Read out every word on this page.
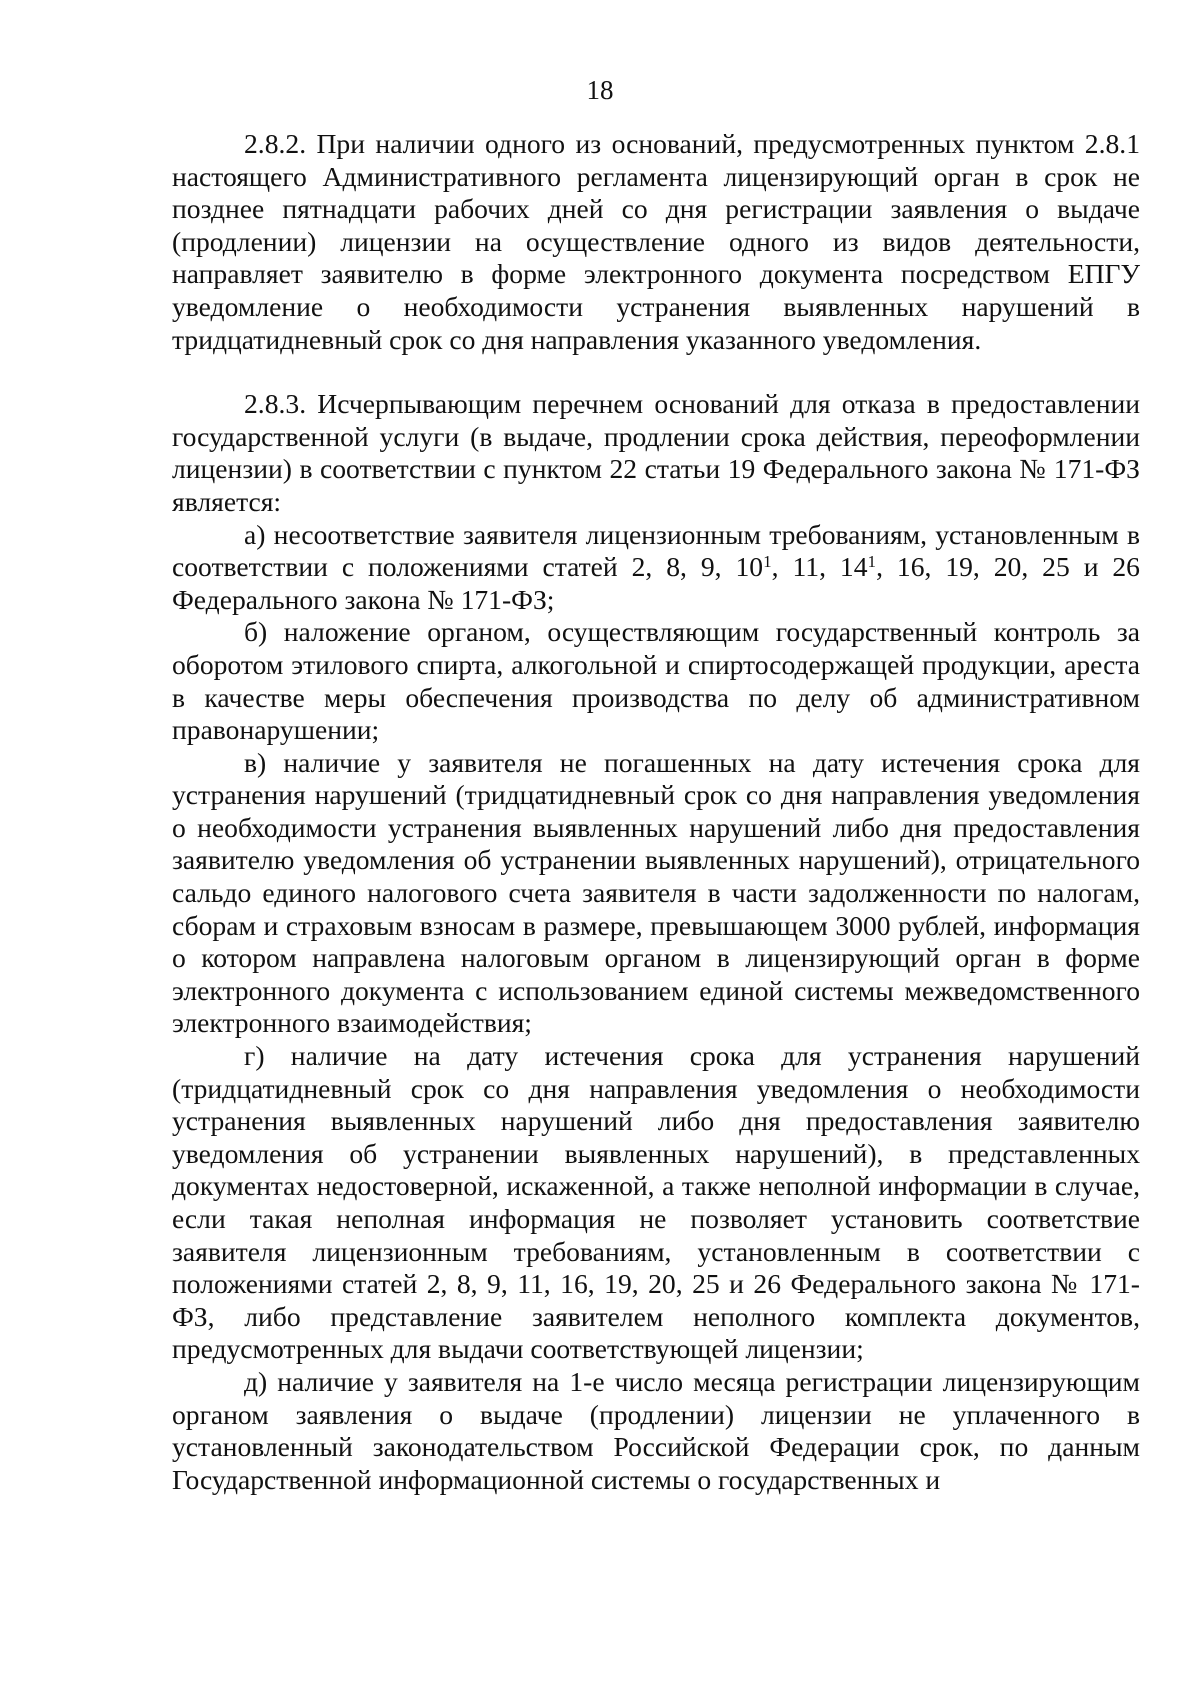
18

2.8.2. При наличии одного из оснований, предусмотренных пунктом 2.8.1 настоящего Административного регламента лицензирующий орган в срок не позднее пятнадцати рабочих дней со дня регистрации заявления о выдаче (продлении) лицензии на осуществление одного из видов деятельности, направляет заявителю в форме электронного документа посредством ЕПГУ уведомление о необходимости устранения выявленных нарушений в тридцатидневный срок со дня направления указанного уведомления.

2.8.3. Исчерпывающим перечнем оснований для отказа в предоставлении государственной услуги (в выдаче, продлении срока действия, переоформлении лицензии) в соответствии с пунктом 22 статьи 19 Федерального закона № 171-ФЗ является:

а) несоответствие заявителя лицензионным требованиям, установленным в соответствии с положениями статей 2, 8, 9, $10^1$, 11, $14^1$, 16, 19, 20, 25 и 26 Федерального закона № 171-ФЗ;

б) наложение органом, осуществляющим государственный контроль за оборотом этилового спирта, алкогольной и спиртосодержащей продукции, ареста в качестве меры обеспечения производства по делу об административном правонарушении;

в) наличие у заявителя не погашенных на дату истечения срока для устранения нарушений (тридцатидневный срок со дня направления уведомления о необходимости устранения выявленных нарушений либо дня предоставления заявителю уведомления об устранении выявленных нарушений), отрицательного сальдо единого налогового счета заявителя в части задолженности по налогам, сборам и страховым взносам в размере, превышающем 3000 рублей, информация о котором направлена налоговым органом в лицензирующий орган в форме электронного документа с использованием единой системы межведомственного электронного взаимодействия;

г) наличие на дату истечения срока для устранения нарушений (тридцатидневный срок со дня направления уведомления о необходимости устранения выявленных нарушений либо дня предоставления заявителю уведомления об устранении выявленных нарушений), в представленных документах недостоверной, искаженной, а также неполной информации в случае, если такая неполная информация не позволяет установить соответствие заявителя лицензионным требованиям, установленным в соответствии с положениями статей 2, 8, 9, 11, 16, 19, 20, 25 и 26 Федерального закона № 171-ФЗ, либо представление заявителем неполного комплекта документов, предусмотренных для выдачи соответствующей лицензии;

д) наличие у заявителя на 1-е число месяца регистрации лицензирующим органом заявления о выдаче (продлении) лицензии не уплаченного в установленный законодательством Российской Федерации срок, по данным Государственной информационной системы о государственных и
